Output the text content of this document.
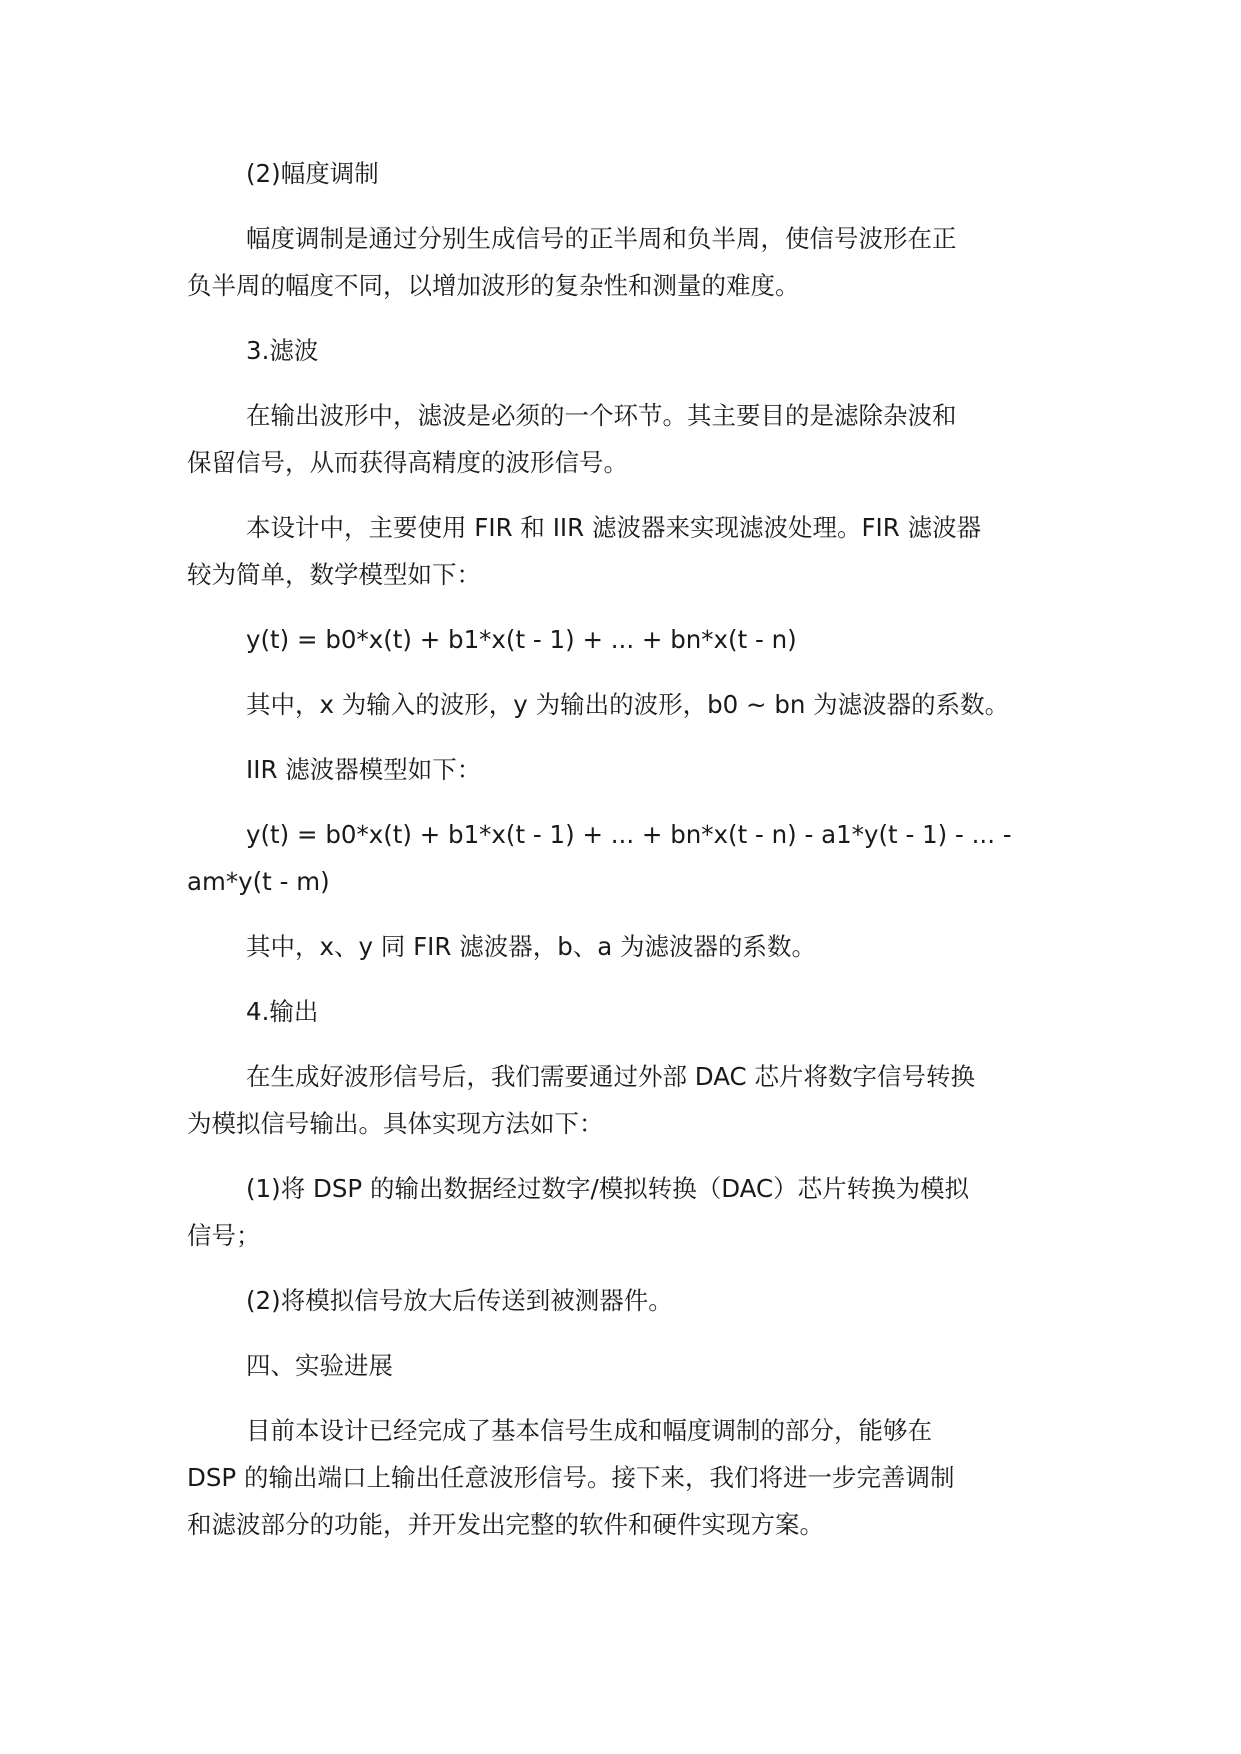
(2)幅度调制

幅度调制是通过分别生成信号的正半周和负半周，使信号波形在正
负半周的幅度不同，以增加波形的复杂性和测量的难度。

3.滤波

在输出波形中，滤波是必须的一个环节。其主要目的是滤除杂波和
保留信号，从而获得高精度的波形信号。

本设计中，主要使用 FIR 和 IIR 滤波器来实现滤波处理。FIR 滤波器
较为简单，数学模型如下：

y(t) = b0*x(t) + b1*x(t - 1) + ... + bn*x(t - n)

其中，x 为输入的波形，y 为输出的波形，b0 ~ bn 为滤波器的系数。

IIR 滤波器模型如下：

y(t) = b0*x(t) + b1*x(t - 1) + ... + bn*x(t - n) - a1*y(t - 1) - ... -
am*y(t - m)

其中，x、y 同 FIR 滤波器，b、a 为滤波器的系数。

4.输出

在生成好波形信号后，我们需要通过外部 DAC 芯片将数字信号转换
为模拟信号输出。具体实现方法如下：

(1)将 DSP 的输出数据经过数字/模拟转换（DAC）芯片转换为模拟
信号；

(2)将模拟信号放大后传送到被测器件。

四、实验进展

目前本设计已经完成了基本信号生成和幅度调制的部分，能够在
DSP 的输出端口上输出任意波形信号。接下来，我们将进一步完善调制
和滤波部分的功能，并开发出完整的软件和硬件实现方案。
